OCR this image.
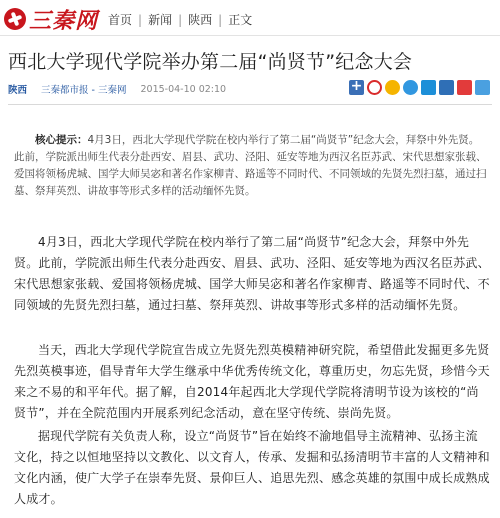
三秦网 首页 | 新闻 | 陕西 | 正文
西北大学现代学院举办第二届“尚贤节”纪念大会
陕西 三秦都市报 - 三秦网 2015-04-10 02:10
+
核心提示：4月3日，西北大学现代学院在校内举行了第二届“尚贤节”纪念大会，拜祭中外先贤。此前，学院派出师生代表分赴西安、眉县、武功、泾阳、延安等地为西汉名臣苏武、宋代思想家张载、爱国将领杨虎城、国学大师吴宓和著名作家柳青、路遥等不同时代、不同领域的先贤先烈扫墓，通过扫墓、祭拜英烈、讲故事等形式多样的活动缅怀先贤。

4月3日，西北大学现代学院在校内举行了第二届“尚贤节”纪念大会，拜祭中外先贤。此前，学院派出师生代表分赴西安、眉县、武功、泾阳、延安等地为西汉名臣苏武、宋代思想家张载、爱国将领杨虎城、国学大师吴宓和著名作家柳青、路遥等不同时代、不同领域的先贤先烈扫墓，通过扫墓、祭拜英烈、讲故事等形式多样的活动缅怀先贤。

当天，西北大学现代学院宣告成立先贤先烈英模精神研究院，希望借此发掘更多先贤先烈英模事迹，倡导青年大学生继承中华优秀传统文化，尊重历史，勿忘先贤，珍惜今天来之不易的和平年代。据了解，自2014年起西北大学现代学院将清明节设为该校的“尚贤节”，并在全院范围内开展系列纪念活动，意在坚守传统、崇尚先贤。

据现代学院有关负责人称，设立“尚贤节”旨在始终不渝地倡导主流精神、弘扬主流文化，持之以恒地坚持以文教化、以文育人，传承、发掘和弘扬清明节丰富的人文精神和文化内涵，使广大学子在崇奉先贤、景仰巨人、追思先烈、感念英雄的氛围中成长成熟成人成才。
